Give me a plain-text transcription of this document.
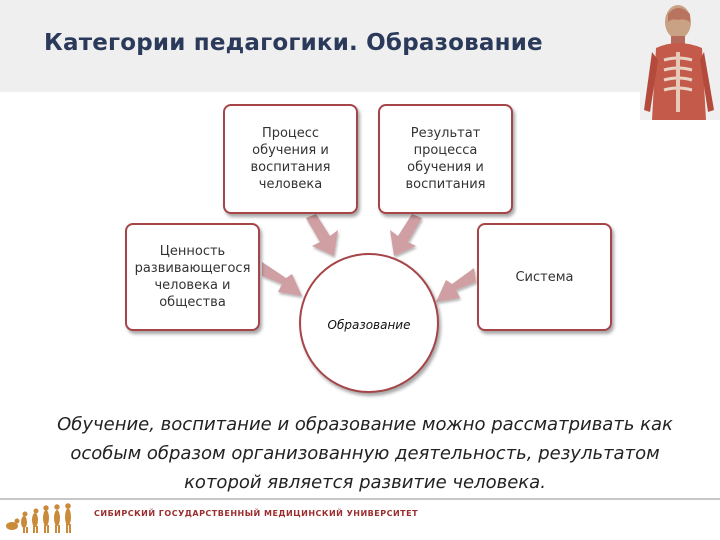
Категории педагогики. Образование
Процесс
обучения и
воспитания
человека
Результат
процесса
обучения и
воспитания
Ценность
развивающегося
человека и
общества
Система
Образование
Обучение, воспитание и образование можно рассматривать как особым образом организованную деятельность, результатом которой является развитие человека.
СИБИРСКИЙ ГОСУДАРСТВЕННЫЙ МЕДИЦИНСКИЙ УНИВЕРСИТЕТ
